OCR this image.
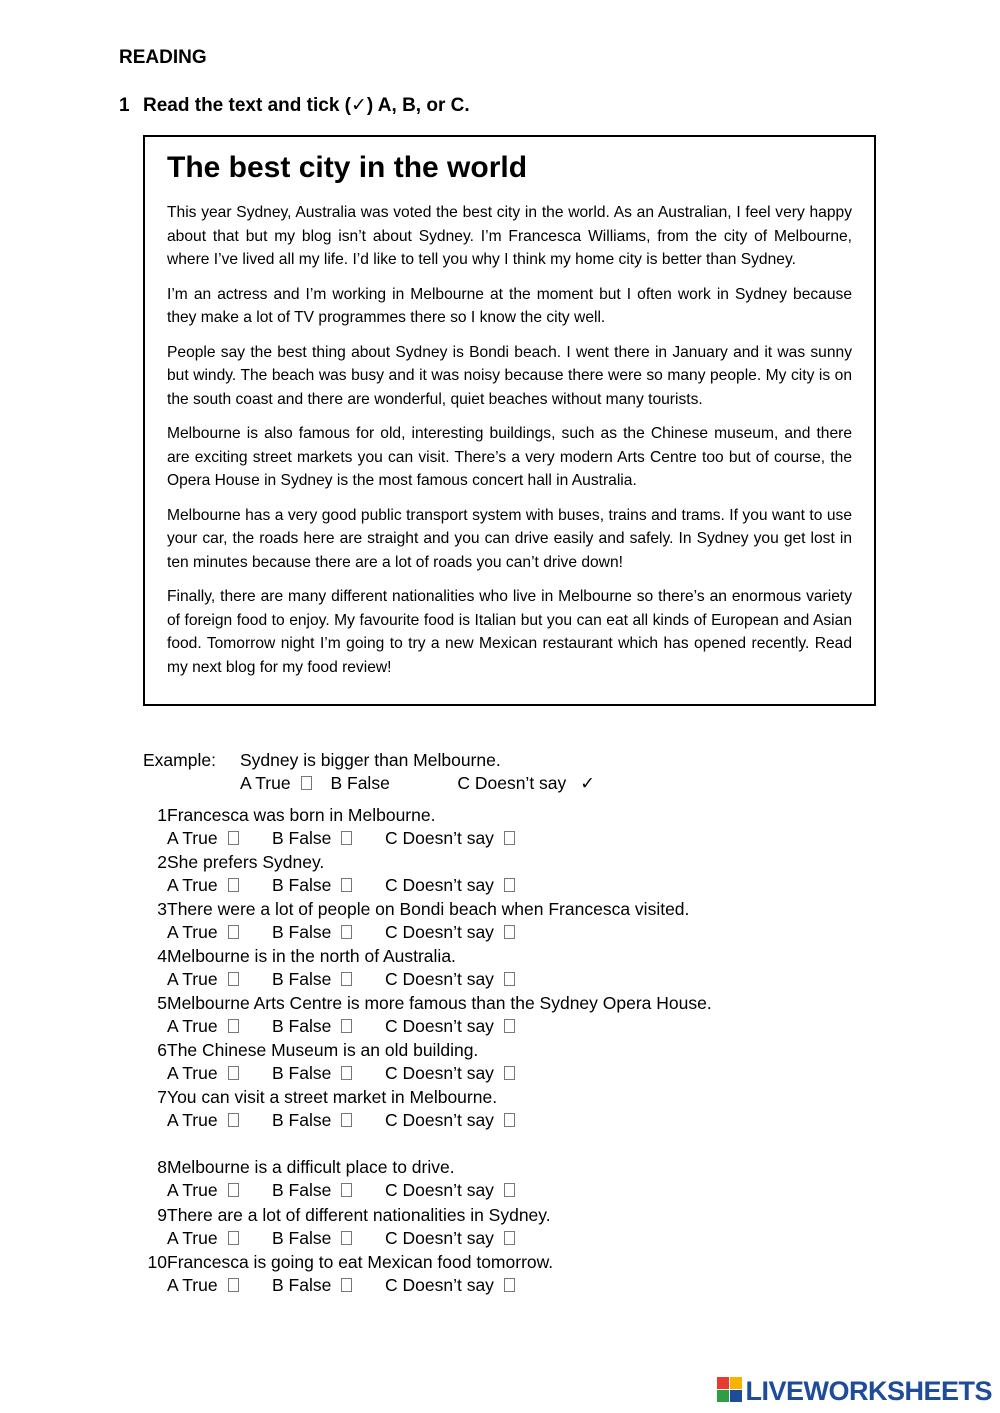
READING
1 Read the text and tick (✓) A, B, or C.
The best city in the world

This year Sydney, Australia was voted the best city in the world. As an Australian, I feel very happy about that but my blog isn’t about Sydney. I’m Francesca Williams, from the city of Melbourne, where I’ve lived all my life. I’d like to tell you why I think my home city is better than Sydney.

I’m an actress and I’m working in Melbourne at the moment but I often work in Sydney because they make a lot of TV programmes there so I know the city well.

People say the best thing about Sydney is Bondi beach. I went there in January and it was sunny but windy. The beach was busy and it was noisy because there were so many people. My city is on the south coast and there are wonderful, quiet beaches without many tourists.

Melbourne is also famous for old, interesting buildings, such as the Chinese museum, and there are exciting street markets you can visit. There’s a very modern Arts Centre too but of course, the Opera House in Sydney is the most famous concert hall in Australia.

Melbourne has a very good public transport system with buses, trains and trams. If you want to use your car, the roads here are straight and you can drive easily and safely. In Sydney you get lost in ten minutes because there are a lot of roads you can’t drive down!

Finally, there are many different nationalities who live in Melbourne so there’s an enormous variety of foreign food to enjoy. My favourite food is Italian but you can eat all kinds of European and Asian food. Tomorrow night I’m going to try a new Mexican restaurant which has opened recently. Read my next blog for my food review!

Example: Sydney is bigger than Melbourne.
A True B False	C Doesn’t say ✓
1Francesca was born in Melbourne.
A True	B False	C Doesn’t say
2She prefers Sydney.
A True	B False	C Doesn’t say
3There were a lot of people on Bondi beach when Francesca visited.
A True	B False	C Doesn’t say
4Melbourne is in the north of Australia.
A True	B False	C Doesn’t say
5Melbourne Arts Centre is more famous than the Sydney Opera House.
A True	B False	C Doesn’t say
6The Chinese Museum is an old building.
A True	B False	C Doesn’t say
7You can visit a street market in Melbourne.
A True	B False	C Doesn’t say
8Melbourne is a difficult place to drive.
A True	B False	C Doesn’t say
9There are a lot of different nationalities in Sydney.
A True	B False	C Doesn’t say
10Francesca is going to eat Mexican food tomorrow.
A True	B False	C Doesn’t say
LIVEWORKSHEETS
